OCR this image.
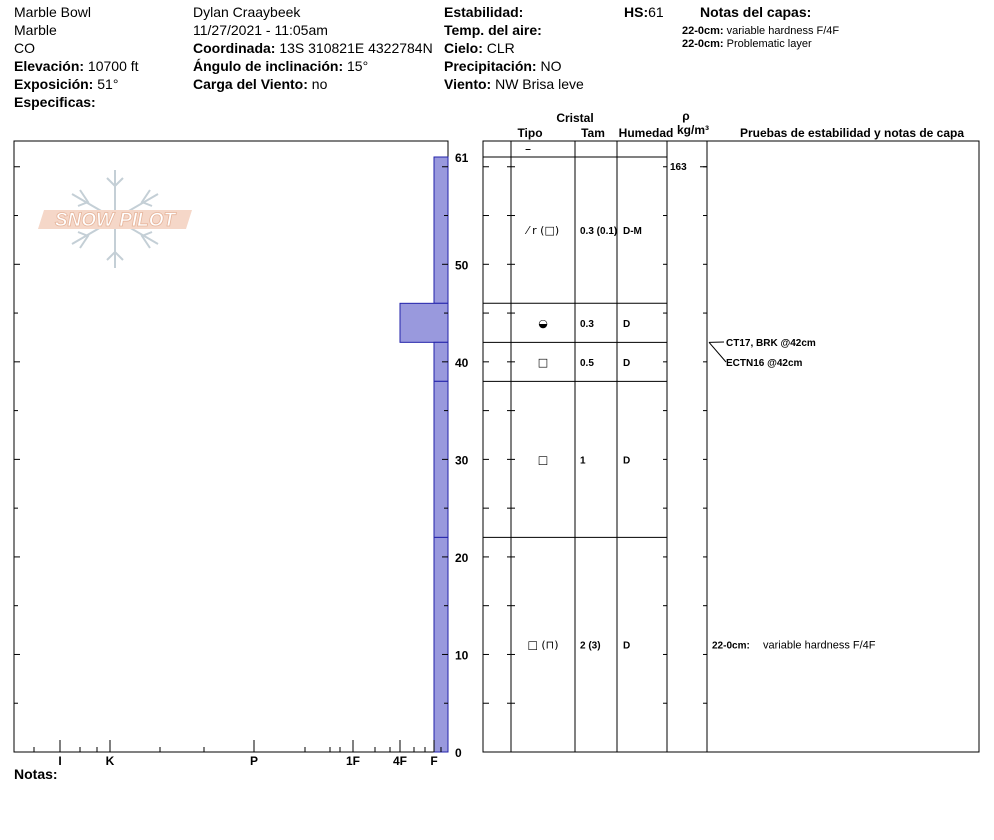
Marble Bowl
Marble
CO
Elevación: 10700 ft
Exposición: 51°
Especificas:
Dylan Craaybeek
11/27/2021 - 11:05am
Coordinada: 13S 310821E 4322784N
Ángulo de inclinación: 15°
Carga del Viento: no
Estabilidad:
Temp. del aire:
Cielo: CLR
Precipitación: NO
Viento: NW Brisa leve
HS:61	Notas del capas:
22-0cm: variable hardness F/4F
22-0cm: Problematic layer
SNOW PILOT
0
10
20
30
40
50
61
I	K	P	1F	4F F
Cristal
Tipo	Tam Humedad
ρ
kg/m³	Pruebas de estabilidad y notas de capa
–
⁄ r (□) 0.3 (0.1) D-M
◒	0.3	D
□	0.5	D
□	1	D
□ (⊓) 2 (3) D
163
CT17, BRK @42cm
ECTN16 @42cm
22-0cm: variable hardness F/4F
Notas:
